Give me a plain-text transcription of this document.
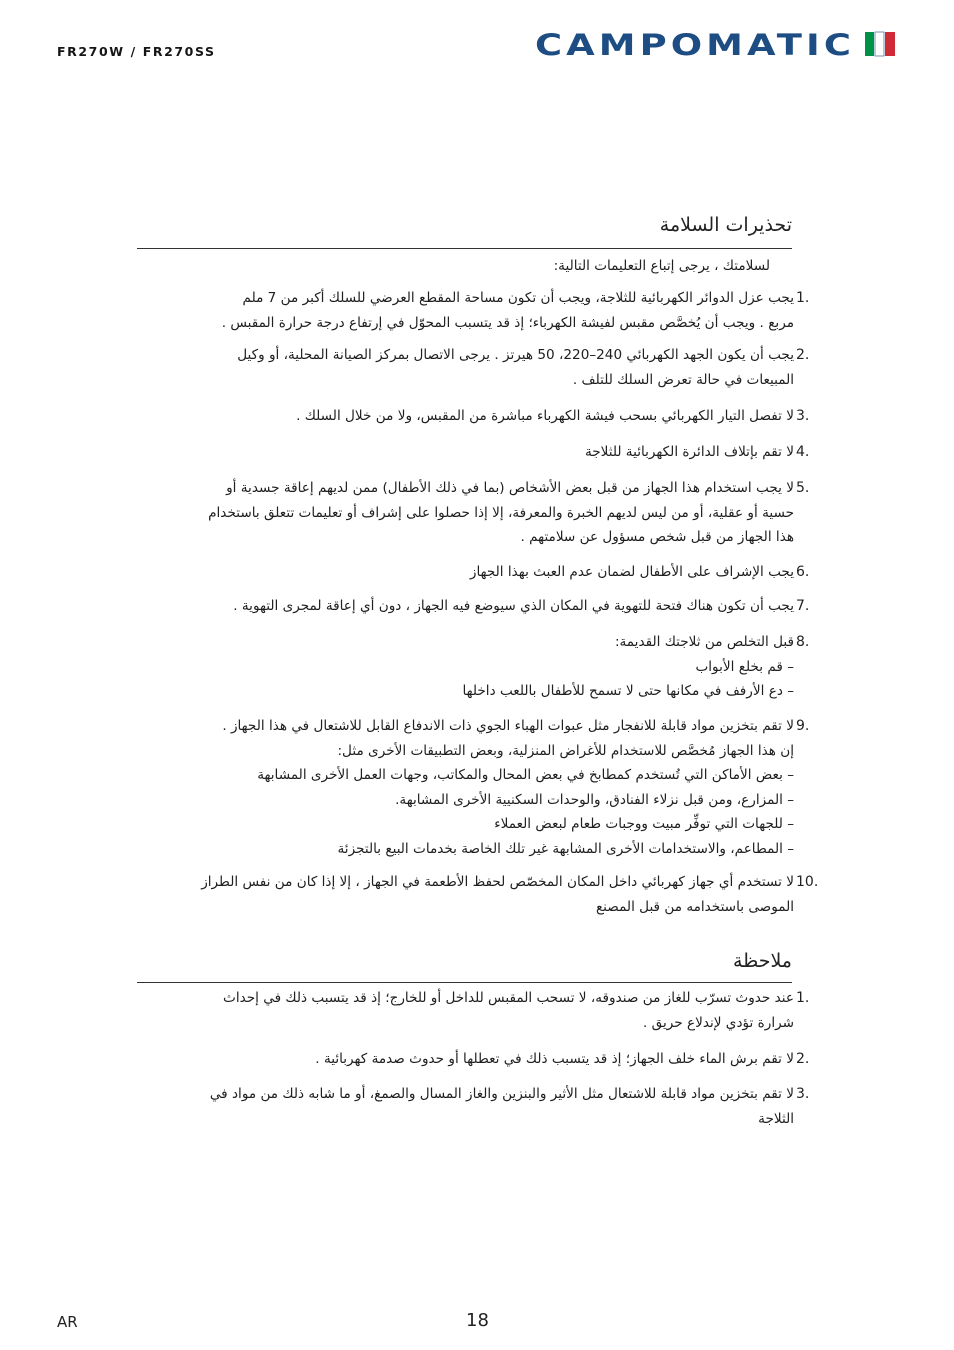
FR270W / FR270SS	CAMPOMATIC
تحذيرات السلامة
لسلامتك ، يرجى إتباع التعليمات التالية:
1.
يجب عزل الدوائر الكهربائية للثلاجة، ويجب أن تكون مساحة المقطع العرضي للسلك أكبر من 7 ملم
مربع . ويجب أن يُخصَّص مقبس لفيشة الكهرباء؛ إذ قد يتسبب المحوّل في إرتفاع درجة حرارة المقبس .
2.
يجب أن يكون الجهد الكهربائي 240–220، 50 هيرتز . يرجى الاتصال بمركز الصيانة المحلية، أو وكيل
المبيعات في حالة تعرض السلك للتلف .
3.
لا تفصل التيار الكهربائي بسحب فيشة الكهرباء مباشرة من المقبس، ولا من خلال السلك .
4.
لا تقم بإتلاف الدائرة الكهربائية للثلاجة
5.
لا يجب استخدام هذا الجهاز من قبل بعض الأشخاص (بما في ذلك الأطفال) ممن لديهم إعاقة جسدية أو
حسية أو عقلية، أو من ليس لديهم الخبرة والمعرفة، إلا إذا حصلوا على إشراف أو تعليمات تتعلق باستخدام
هذا الجهاز من قبل شخص مسؤول عن سلامتهم .
6.
يجب الإشراف على الأطفال لضمان عدم العبث بهذا الجهاز
7.
يجب أن تكون هناك فتحة للتهوية في المكان الذي سيوضع فيه الجهاز ، دون أي إعاقة لمجرى التهوية .
8.
قبل التخلص من ثلاجتك القديمة:
– قم بخلع الأبواب
– دع الأرفف في مكانها حتى لا تسمح للأطفال باللعب داخلها
9.
لا تقم بتخزين مواد قابلة للانفجار مثل عبوات الهباء الجوي ذات الاندفاع القابل للاشتعال في هذا الجهاز .
إن هذا الجهاز مُخصَّص للاستخدام للأغراض المنزلية، وبعض التطبيقات الأخرى مثل:
– بعض الأماكن التي تُستخدم كمطابخ في بعض المحال والمكاتب، وجهات العمل الأخرى المشابهة
– المزارع، ومن قبل نزلاء الفنادق، والوحدات السكنيية الأخرى المشابهة.
– للجهات التي توفِّر مبيت ووجبات طعام لبعض العملاء
– المطاعم، والاستخدامات الأخرى المشابهة غير تلك الخاصة بخدمات البيع بالتجزئة
10.
لا تستخدم أي جهاز كهربائي داخل المكان المخصّص لحفظ الأطعمة في الجهاز ، إلا إذا كان من نفس الطراز
الموصى باستخدامه من قبل المصنع
ملاحظة
1.
عند حدوث تسرّب للغاز من صندوقه، لا تسحب المقبس للداخل أو للخارج؛ إذ قد يتسبب ذلك في إحداث
شرارة تؤدي لإندلاع حريق .
2.
لا تقم برش الماء خلف الجهاز؛ إذ قد يتسبب ذلك في تعطلها أو حدوث صدمة كهربائية .
3.
لا تقم بتخزين مواد قابلة للاشتعال مثل الأثير والبنزين والغاز المسال والصمغ، أو ما شابه ذلك من مواد في
الثلاجة
AR	18
